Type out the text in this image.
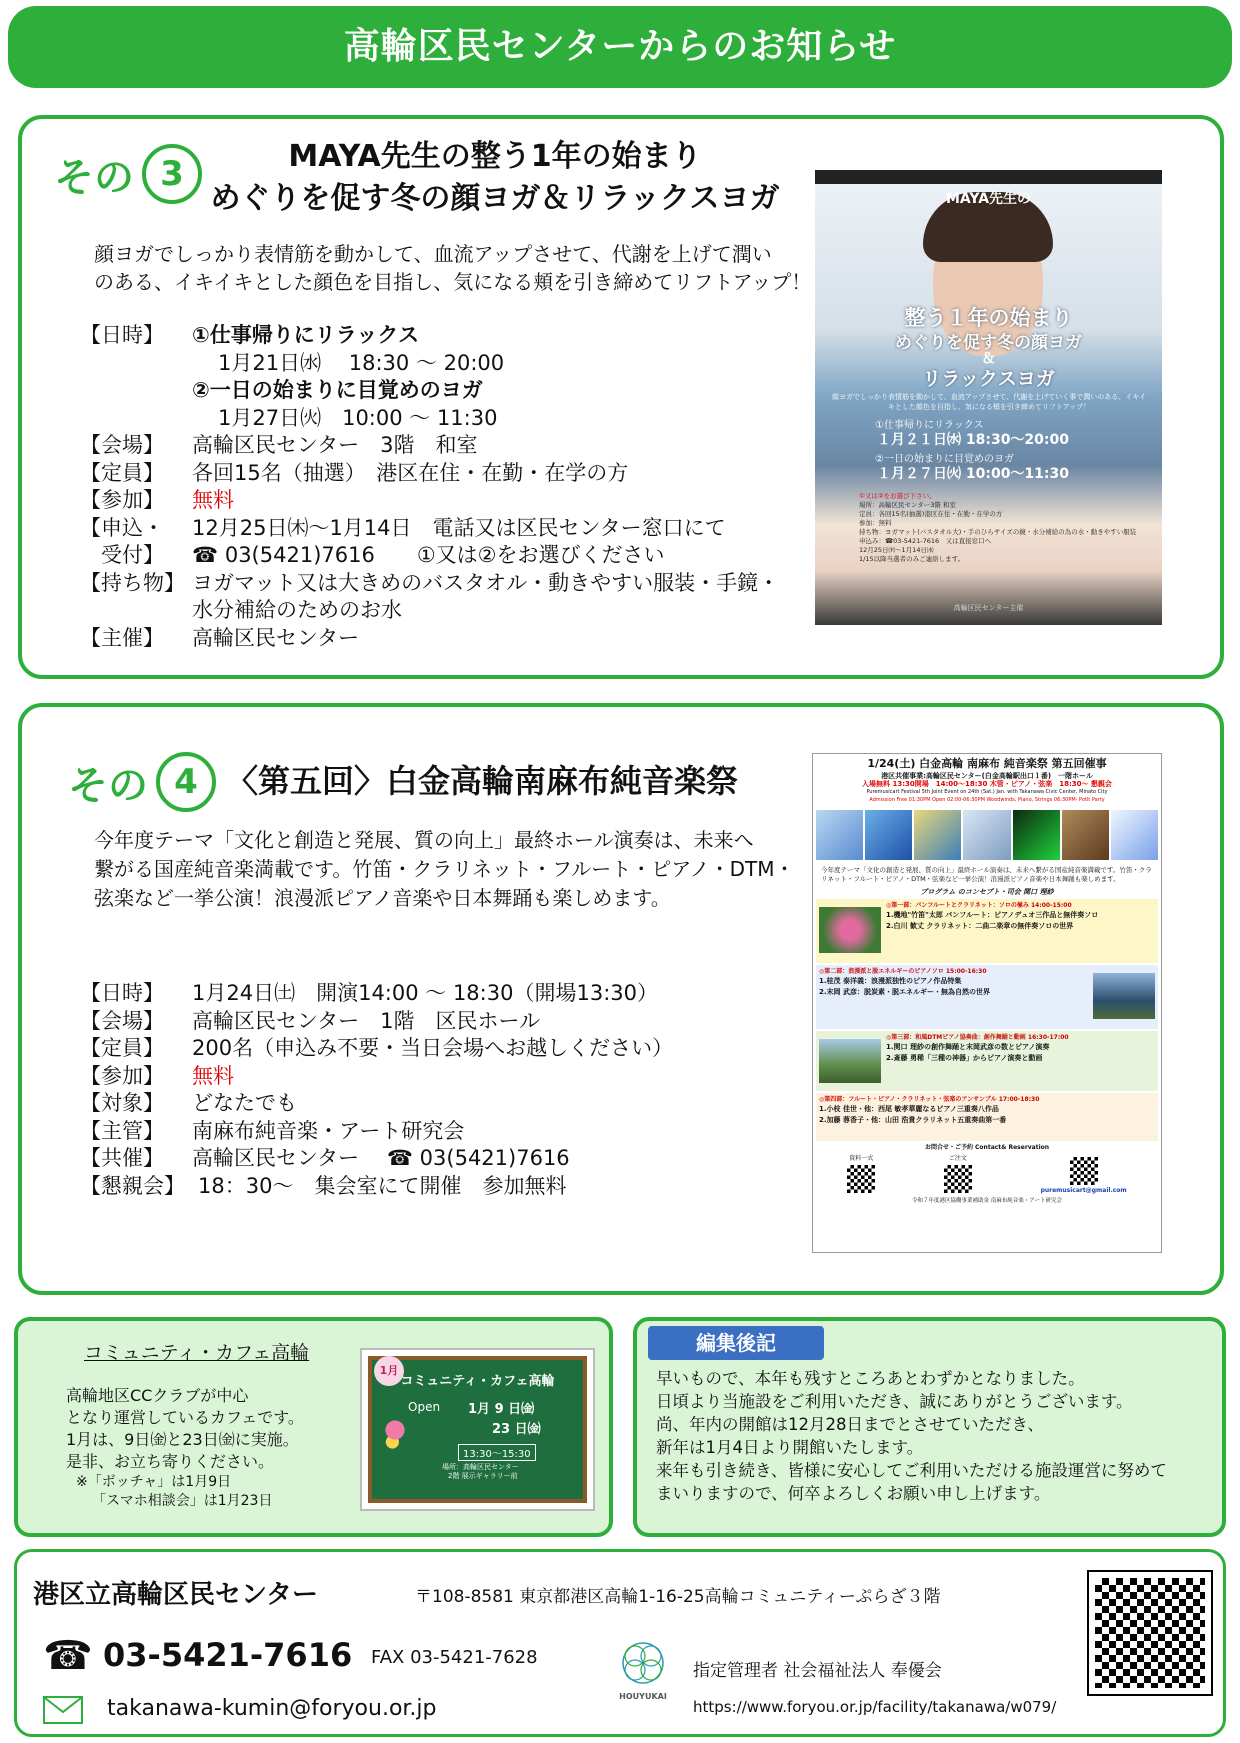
高輪区民センターからのお知らせ
その 3	MAYA先生の整う1年の始まり
めぐりを促す冬の顔ヨガ＆リラックスヨガ
顔ヨガでしっかり表情筋を動かして、血流アップさせて、代謝を上げて潤い
のある、イキイキとした顔色を目指し、気になる頬を引き締めてリフトアップ！
【日時】	①仕事帰りにリラックス
1月21日㈬　 18:30 ～ 20:00
②一日の始まりに目覚めのヨガ
1月27日㈫　10:00 ～ 11:30
【会場】	高輪区民センター　3階　和室
【定員】	各回15名（抽選）　港区在住・在勤・在学の方
【参加】	無料
【申込・	12月25日㈭～1月14日　電話又は区民センター窓口にて
　受付】	☎ 03(5421)7616　　①又は②をお選びください
【持ち物】 ヨガマット又は大きめのバスタオル・動きやすい服装・手鏡・
水分補給のためのお水
【主催】	高輪区民センター
MAYA先生の
整う１年の始まり
めぐりを促す冬の顔ヨガ
＆
リラックスヨガ
顔ヨガでしっかり表情筋を動かして、血流アップさせて、代謝を上げていく事で潤いのある、イキイキとした顔色を目指し、気になる頬を引き締めてリフトアップ！
①仕事帰りにリラックス
１月２１日㈬ 18:30～20:00
②一日の始まりに目覚めのヨガ
１月２７日㈫ 10:00～11:30
①又は②をお選び下さい。
場所：高輪区民センター3階 和室
定員：各回15名(抽選)港区在住・在勤・在学の方
参加：無料
持ち物：ヨガマット(バスタオル大)・手のひらサイズの鏡・水分補給の為の水・動きやすい服装
申込み：☎03-5421-7616　又は直接窓口へ
12月25日㈭～1月14日㈬
1/15以降当選者のみご連絡します。
高輪区民センター主催
その 4 〈第五回〉白金高輪南麻布純音楽祭
今年度テーマ「文化と創造と発展、質の向上」最終ホール演奏は、未来へ
繋がる国産純音楽満載です。竹笛・クラリネット・フルート・ピアノ・DTM・
弦楽など一挙公演！浪漫派ピアノ音楽や日本舞踊も楽しめます。
【日時】	1月24日㈯　開演14:00 ～ 18:30（開場13:30）
【会場】	高輪区民センター　1階　区民ホール
【定員】	200名（申込み不要・当日会場へお越しください）
【参加】	無料
【対象】	どなたでも
【主管】	南麻布純音楽・アート研究会
【共催】	高輪区民センター　 ☎ 03(5421)7616
【懇親会】 18：30～　集会室にて開催　参加無料
1/24(土) 白金高輪 南麻布 純音楽祭 第五回催事
港区共催事業:高輪区民センター(白金高輪駅出口１番)　一階ホール
入場無料 13:30開場　14:00～18:30 木管・ピアノ・弦楽　18:30～ 懇親会
Puremusicart Festival 5th Joint Event on 24th (Sat.) Jan. with Takanawa Civic Center, Minato City
Admission Free 01:30PM Open 02:00-06:30PM Woodwinds, Piano, Strings 06:30PM- Potlt Party
今年度テーマ「文化の創造と発展、質の向上」最終ホール演奏は、未来へ繋がる国産純音楽満載です。竹笛・クラリネット・フルート・ピアノ・DTM・弦楽など一挙公演！浪漫派ピアノ音楽や日本舞踊も楽しめます。
プログラム のコンセプト・司会 関口 理紗
◎第一部：パンフルートとクラリネット：ソロの極み 14:00-15:00
1.機地"竹笛"太郎 パンフルート：ピアノデュオ三作品と無伴奏ソロ
2.白川 歓丈 クラリネット：二曲二楽章の無伴奏ソロの世界
◎第二部：浪漫派と脱エネルギーのピアノソロ 15:00-16:30
1.桂茂 泰洋義：浪漫派独性のピアノ作品特集
2.末岡 武彦：脱炭素・脱エネルギー・無為自然の世界
◎第三部：和風DTMピアノ協奏曲：創作舞踊と動画 16:30-17:00
1.関口 理紗の創作舞踊と末岡武彦の数とピアノ演奏
2.斎藤 勇稀「三種の神器」からピアノ演奏と動画
◎第四部：フルート・ピアノ・クラリネット・弦楽のアンサンブル 17:00-18:30
1.小枝 佳世・他：西尾 敏孝華麗なるピアノ三重奏八作品
2.加藤 蓉香子・他：山田 浩貴クラリネット五重奏曲第一番
お問合せ・ご予約 Contact& Reservation
資料一式	ご注文
puremusicart@gmail.com
令和７年度港区協働事業補助金 南麻布純音楽・アート研究会
コミュニティ・カフェ高輪
高輪地区CCクラブが中心
となり運営しているカフェです。
1月は、9日㈮と23日㈮に実施。
是非、お立ち寄りください。
※「ボッチャ」は1月9日
「スマホ相談会」は1月23日
1月
コミュニティ・カフェ高輪
Open 1月 9 日㈮
23 日㈮
13:30～15:30
場所：高輪区民センター
2階 展示ギャラリー前
編集後記
早いもので、本年も残すところあとわずかとなりました。
日頃より当施設をご利用いただき、誠にありがとうございます。
尚、年内の開館は12月28日までとさせていただき、
新年は1月4日より開館いたします。
来年も引き続き、皆様に安心してご利用いただける施設運営に努めて
まいりますので、何卒よろしくお願い申し上げます。
港区立高輪区民センター	〒108-8581 東京都港区高輪1-16-25高輪コミュニティーぷらざ３階
☎ 03-5421-7616 FAX 03-5421-7628
takanawa-kumin@foryou.or.jp	HOUYUKAI
指定管理者 社会福祉法人 奉優会
https://www.foryou.or.jp/facility/takanawa/w079/
